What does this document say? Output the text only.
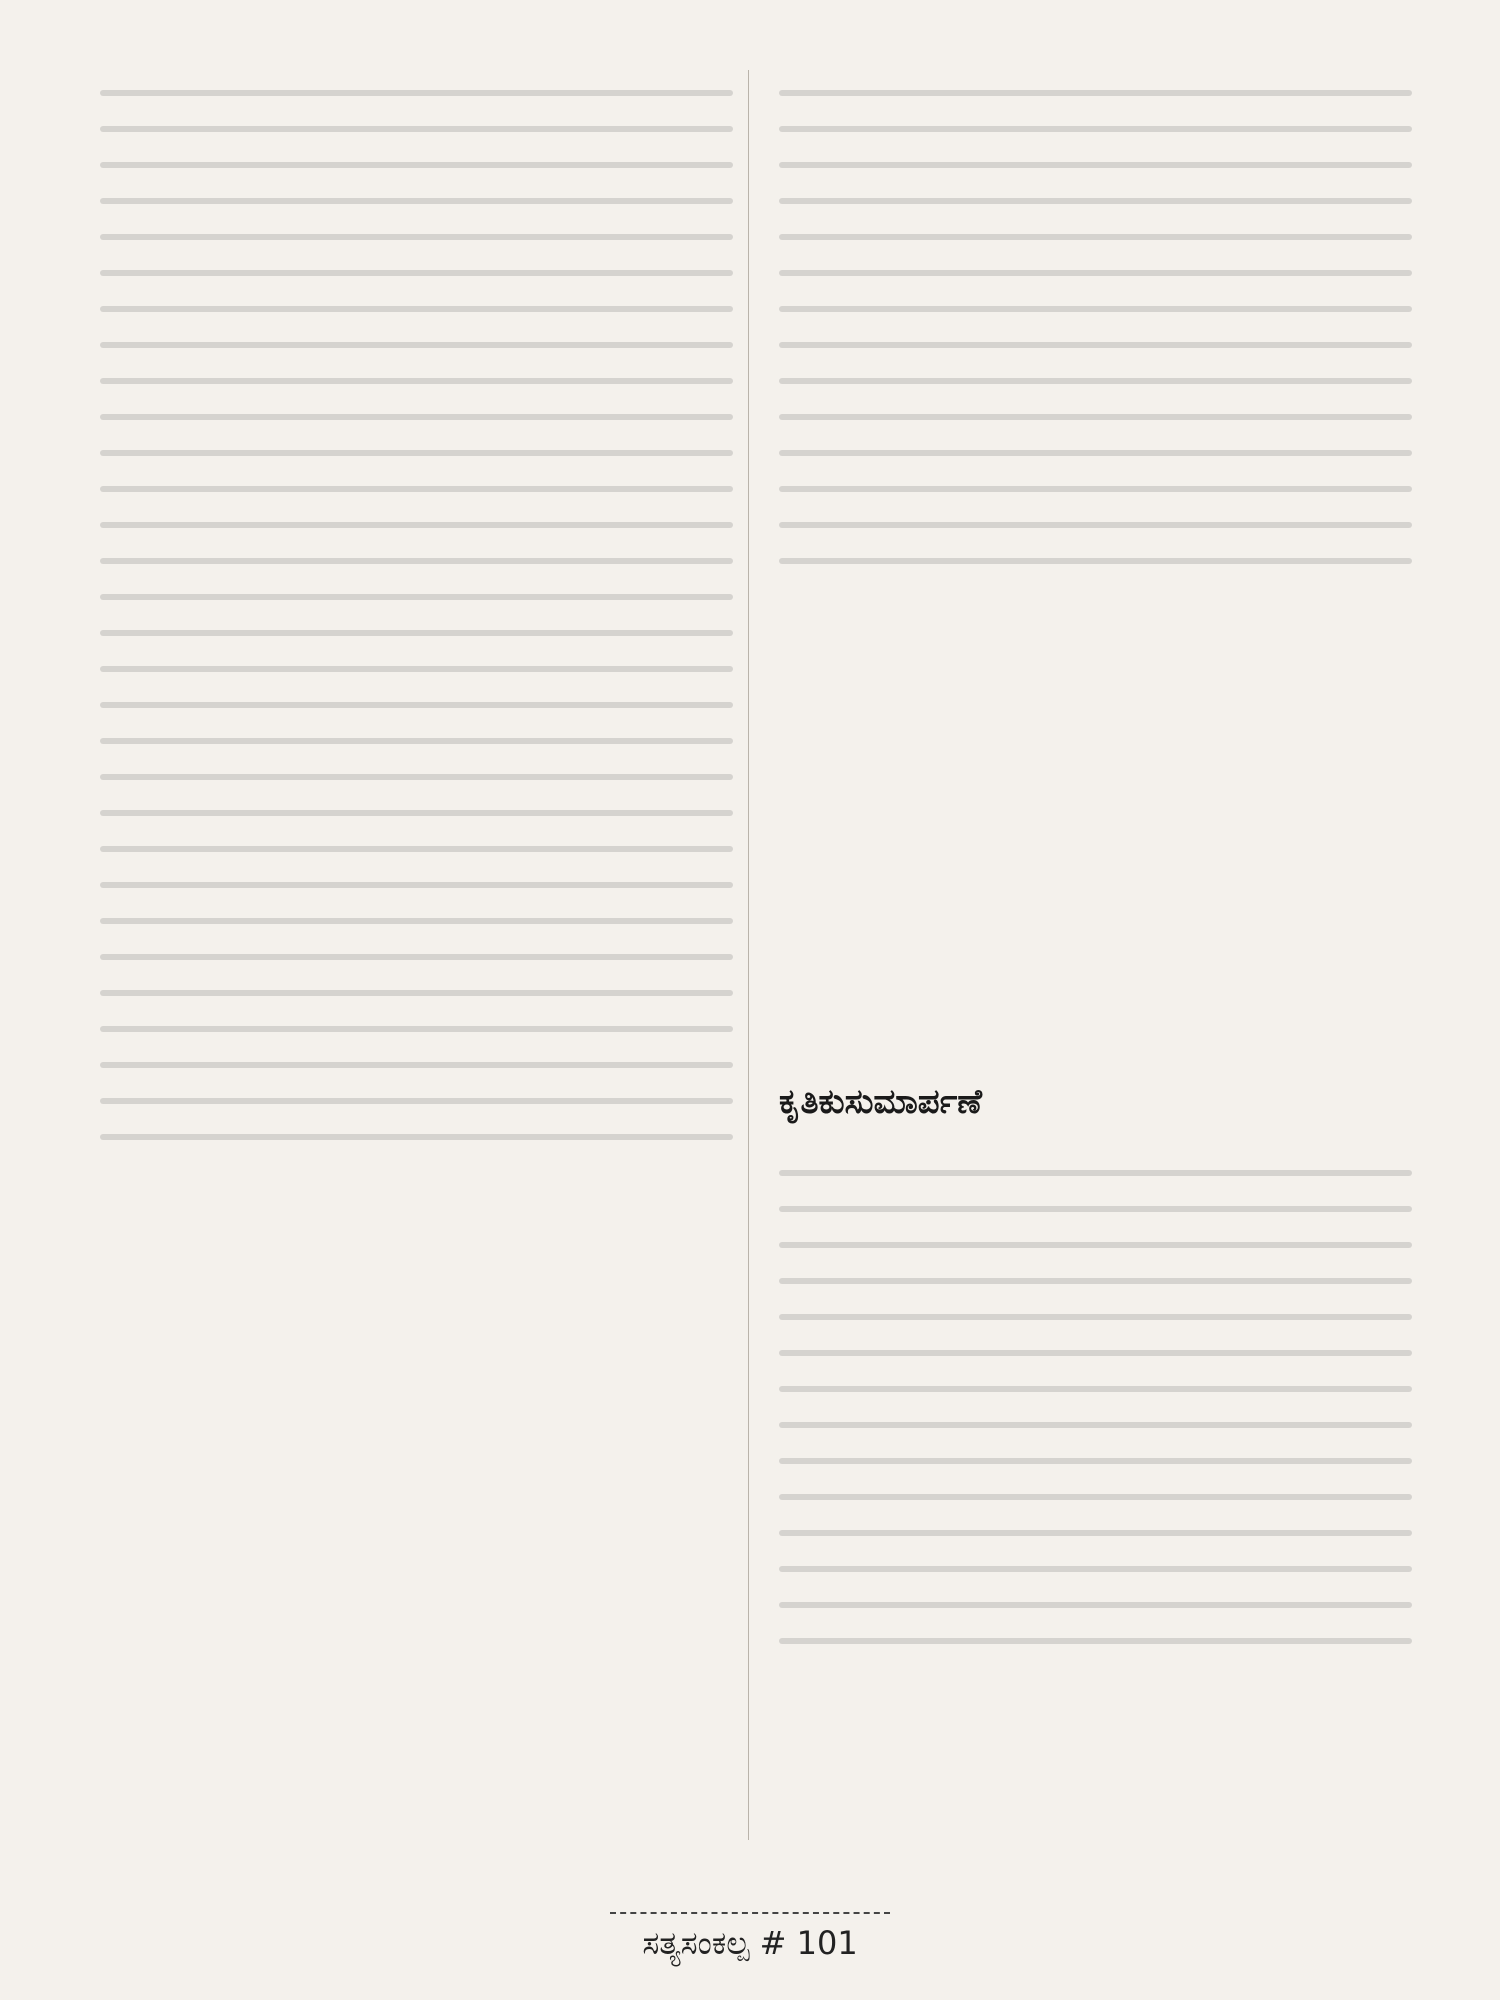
ಕೃತಿಕುಸುಮಾರ್ಪಣೆ
ಸತ್ಯಸಂಕಲ್ಪ # 101
